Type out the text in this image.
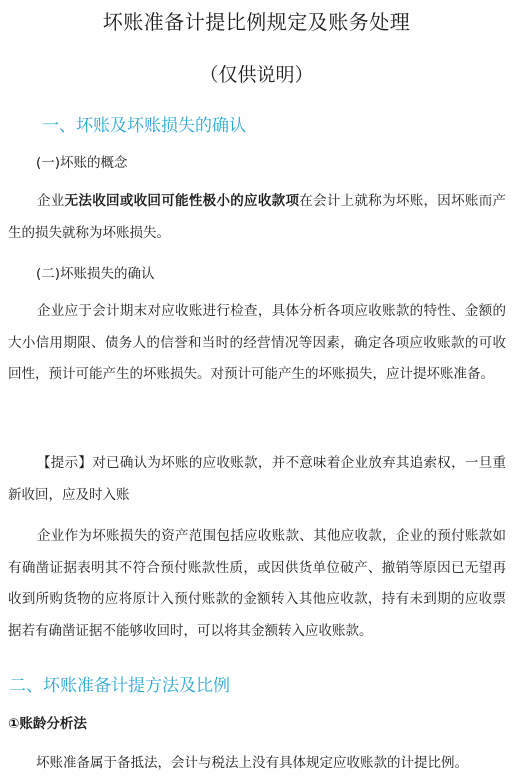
坏账准备计提比例规定及账务处理
（仅供说明）
一、坏账及坏账损失的确认
(一)坏账的概念
企业无法收回或收回可能性极小的应收款项在会计上就称为坏账，因坏账而产生的损失就称为坏账损失。
(二)坏账损失的确认
企业应于会计期末对应收账进行检查，具体分析各项应收账款的特性、金额的大小信用期限、债务人的信誉和当时的经营情况等因素，确定各项应收账款的可收回性，预计可能产生的坏账损失。对预计可能产生的坏账损失，应计提坏账准备。
【提示】对已确认为坏账的应收账款，并不意味着企业放弃其追索权，一旦重新收回，应及时入账
企业作为坏账损失的资产范围包括应收账款、其他应收款，企业的预付账款如有确凿证据表明其不符合预付账款性质，或因供货单位破产、撤销等原因已无望再收到所购货物的应将原计入预付账款的金额转入其他应收款，持有未到期的应收票据若有确凿证据不能够收回时，可以将其金额转入应收账款。
二、坏账准备计提方法及比例
①账龄分析法
坏账准备属于备抵法，会计与税法上没有具体规定应收账款的计提比例。
